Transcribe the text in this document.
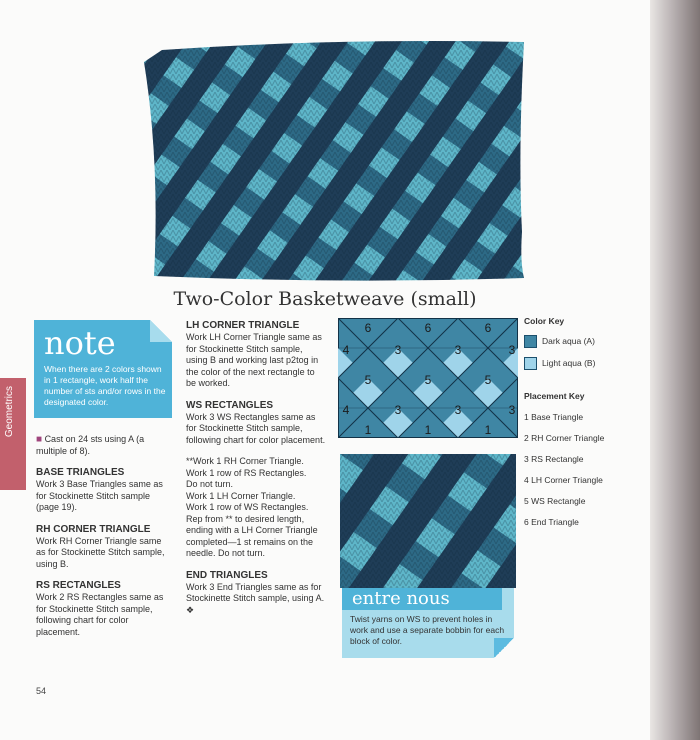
Geometrics
Two-Color Basketweave (small)
note
When there are 2 colors shown in 1 rectangle, work half the number of sts and/or rows in the designated color.

■ Cast on 24 sts using A (a multiple of 8).

BASE TRIANGLES

Work 3 Base Triangles same as for Stockinette Stitch sample (page 19).

RH CORNER TRIANGLE

Work RH Corner Triangle same as for Stockinette Stitch sample, using B.

RS RECTANGLES

Work 2 RS Rectangles same as for Stockinette Stitch sample, following chart for color placement.

LH CORNER TRIANGLE

Work LH Corner Triangle same as for Stockinette Stitch sample, using B and working last p2tog in the color of the next rectangle to be worked.

WS RECTANGLES

Work 3 WS Rectangles same as for Stockinette Stitch sample, following chart for color placement.

**Work 1 RH Corner Triangle.

Work 1 row of RS Rectangles.

Do not turn.

Work 1 LH Corner Triangle.

Work 1 row of WS Rectangles.

Rep from ** to desired length, ending with a LH Corner Triangle completed—1 st remains on the needle. Do not turn.

END TRIANGLES

Work 3 End Triangles same as for Stockinette Stitch sample, using A. ❖

6	6	6
4	3	3	3
5	5	5
4	3	3	3
1	1	1
entre nous
Twist yarns on WS to prevent holes in work and use a separate bobbin for each block of color.
Color Key
Dark aqua (A)
Light aqua (B)
Placement Key
1 Base Triangle
2 RH Corner Triangle
3 RS Rectangle
4 LH Corner Triangle
5 WS Rectangle
6 End Triangle
54
